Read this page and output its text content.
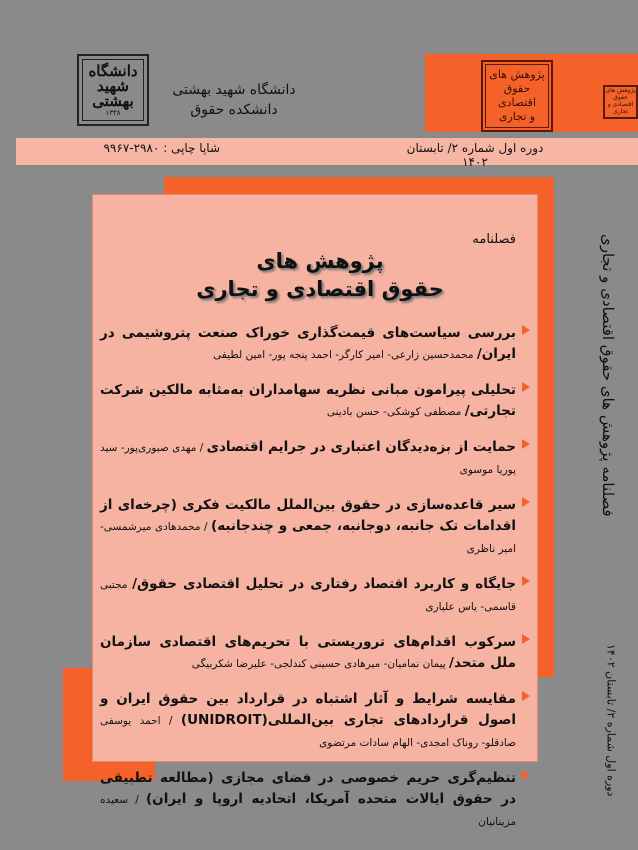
دانشگاه
شهید
بهشتی
۱۳۳۸
دانشگاه شهید بهشتی
دانشکده حقوق
پژوهش های
حقوق
اقتصادی
و تجاری
پژوهش های حقوق اقتصادی و تجاری
شاپا چاپی : ۲۹۸۰-۹۹۶۷	دوره اول شماره ۲/ تابستان ۱۴۰۲
فصلنامه
پژوهش های
حقوق اقتصادی و تجاری
بررسی سیاست‌های قیمت‌گذاری خوراک صنعت پتروشیمی در ایران/ محمدحسین زارعی- امیر کارگر- احمد پنجه پور- امین لطیفی
تحلیلی پیرامون مبانی نظریه سهامداران به‌مثابه مالکین شرکت تجارتی/ مصطفی کوشکی- حسن بادینی
حمایت از بزه‌دیدگان اعتباری در جرایم اقتصادی / مهدی صبوری‌پور- سید پوریا موسوی
سیر قاعده‌سازی در حقوق بین‌الملل مالکیت فکری (چرخه‌ای از اقدامات تک جانبه، دوجانبه، جمعی و چندجانبه) / محمدهادی میرشمسی- امیر ناظری
جایگاه و کاربرد اقتصاد رفتاری در تحلیل اقتصادی حقوق/ مجتبی قاسمی- یاس علیاری
سرکوب اقدام‌های تروریستی با تحریم‌های اقتصادی سازمان ملل متحد/ پیمان نمامیان- میرهادی حسینی کندلجی- علیرضا شکربیگی
مقایسه شرایط و آثار اشتباه در قرارداد بین حقوق ایران و اصول قراردادهای تجاری بین‌المللی(UNIDROIT) / احمد یوسفی صادقلو- روناک امجدی- الهام سادات مرتضوی
تنظیم‌گری حریم خصوصی در فضای مجازی (مطالعه تطبیقی در حقوق ایالات متحده آمریکا، اتحادیه اروپا و ایران) / سعیده مزینانیان
فصلنامه پژوهش های حقوق اقتصادی و تجاری
دوره اول شماره ۲/ تابستان ۱۴۰۲
